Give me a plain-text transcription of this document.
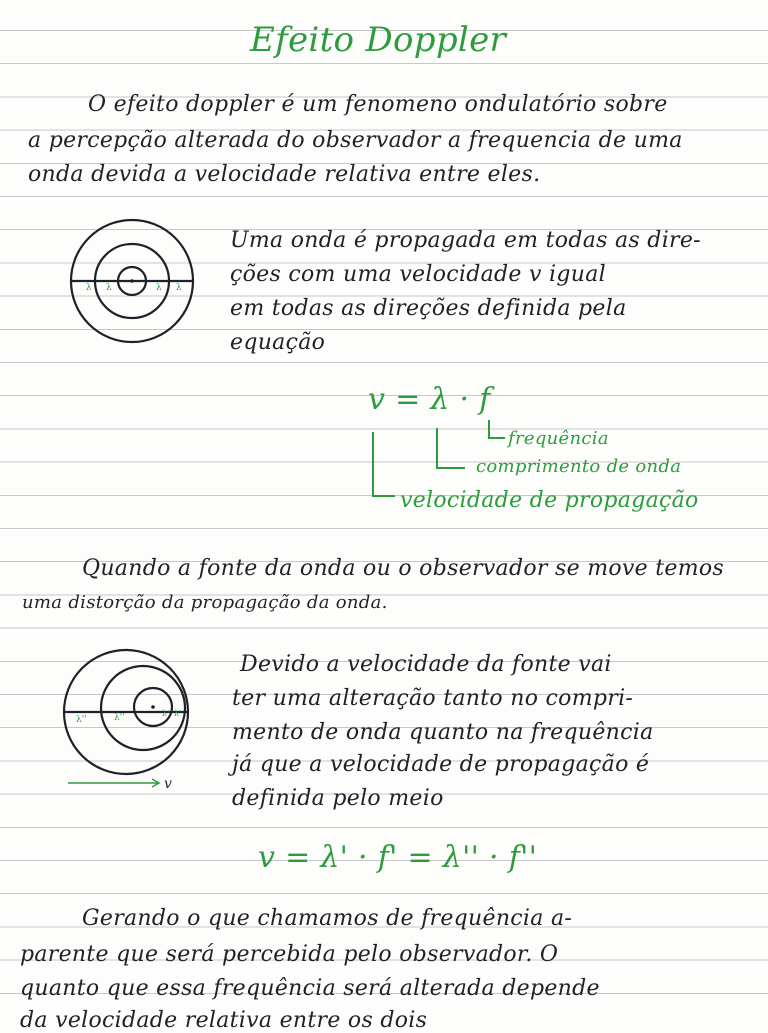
Efeito Doppler
O efeito doppler é um fenomeno ondulatório sobre
a percepção alterada do observador a frequencia de uma
onda devida a velocidade relativa entre eles.
λ λ	λ λ
Uma onda é propagada em todas as dire-
ções com uma velocidade v igual
em todas as direções definida pela
equação
v = λ · f
frequência
comprimento de onda
velocidade de propagação
Quando a fonte da onda ou o observador se move temos
uma distorção da propagação da onda.
λ''	λ''	λ' λ'
v
Devido a velocidade da fonte vai
ter uma alteração tanto no compri-
mento de onda quanto na frequência
já que a velocidade de propagação é
definida pelo meio
v = λ' · f' = λ'' · f''
Gerando o que chamamos de frequência a-
parente que será percebida pelo observador. O
quanto que essa frequência será alterada depende
da velocidade relativa entre os dois
